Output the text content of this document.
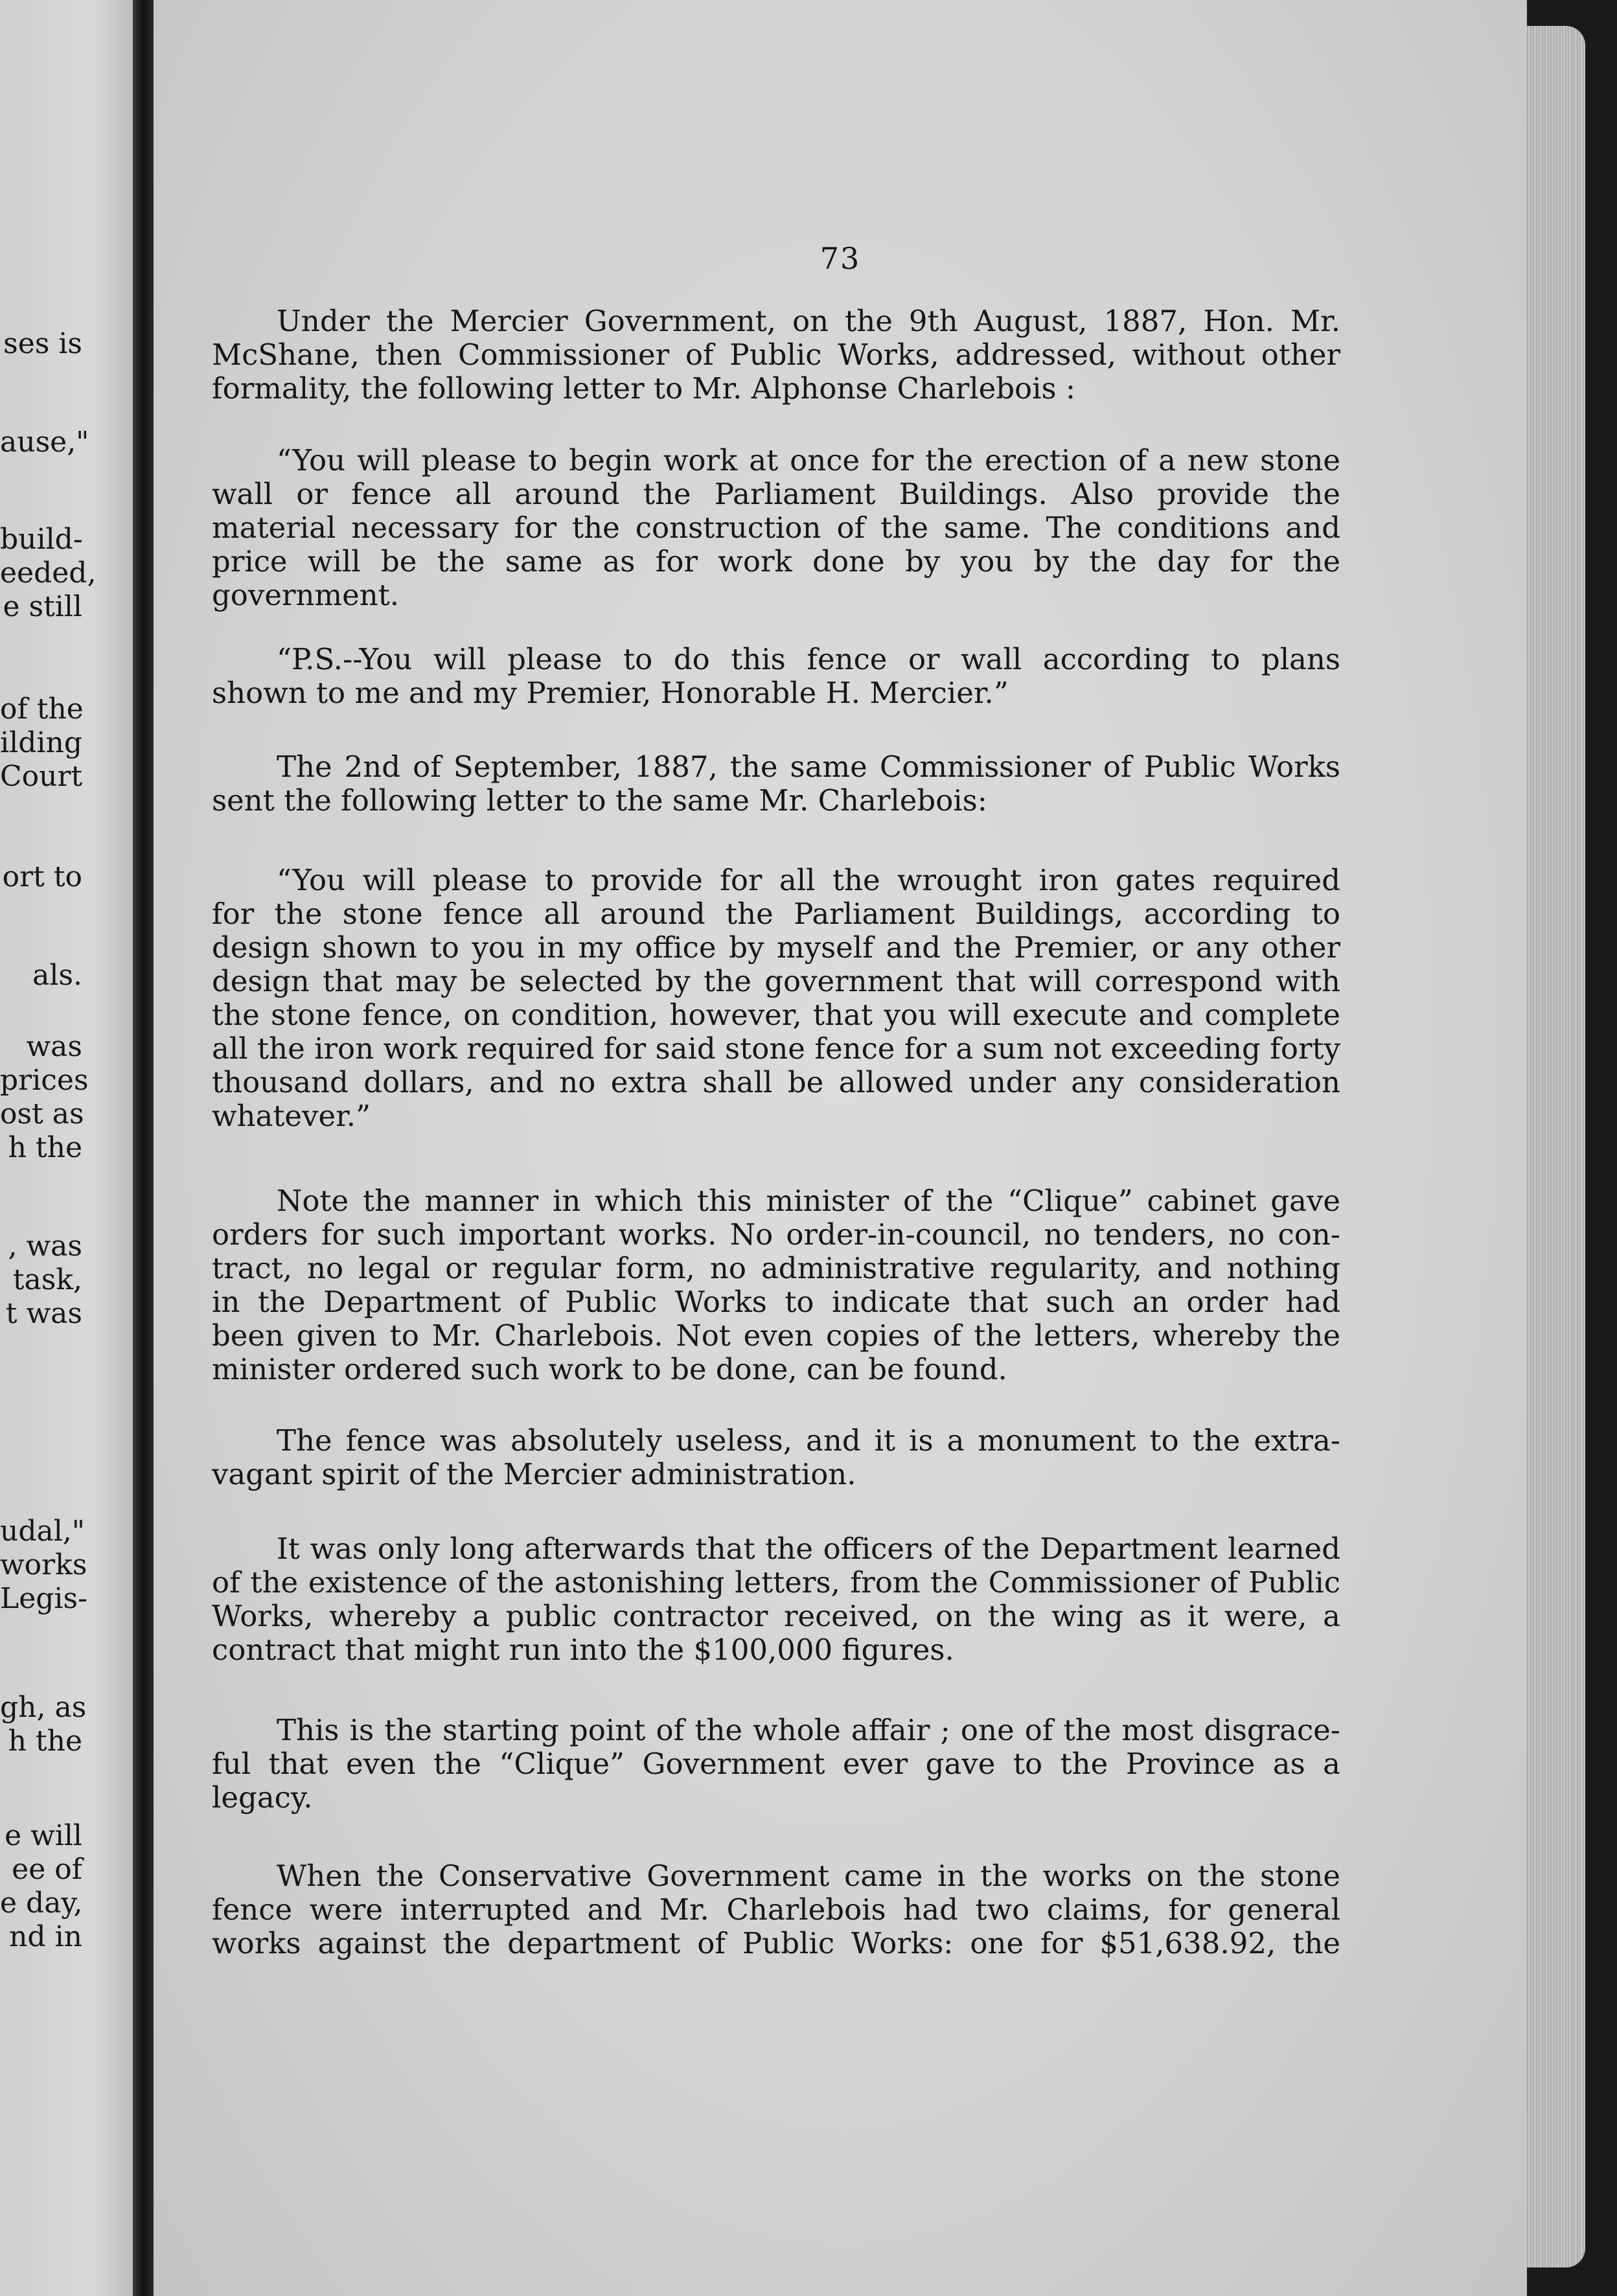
ses is
ause,"
build-
eeded,
e still
of the
ilding
Court
ort to
als.
was
prices
ost as
h the
, was
task,
t was
udal,"
works
Legis-
gh, as
h the
e will
ee of
e day,
nd in
73
Under the Mercier Government, on the 9th August, 1887, Hon. Mr.
McShane, then Commissioner of Public Works, addressed, without other
formality, the following letter to Mr. Alphonse Charlebois :
“You will please to begin work at once for the erection of a new stone
wall or fence all around the Parliament Buildings. Also provide the
material necessary for the construction of the same. The conditions and
price will be the same as for work done by you by the day for the
government.
“P.S.--You will please to do this fence or wall according to plans
shown to me and my Premier, Honorable H. Mercier.”
The 2nd of September, 1887, the same Commissioner of Public Works
sent the following letter to the same Mr. Charlebois:
“You will please to provide for all the wrought iron gates required
for the stone fence all around the Parliament Buildings, according to
design shown to you in my office by myself and the Premier, or any other
design that may be selected by the government that will correspond with
the stone fence, on condition, however, that you will execute and complete
all the iron work required for said stone fence for a sum not exceeding forty
thousand dollars, and no extra shall be allowed under any consideration
whatever.”
Note the manner in which this minister of the “Clique” cabinet gave
orders for such important works. No order-in-council, no tenders, no con-
tract, no legal or regular form, no administrative regularity, and nothing
in the Department of Public Works to indicate that such an order had
been given to Mr. Charlebois. Not even copies of the letters, whereby the
minister ordered such work to be done, can be found.
The fence was absolutely useless, and it is a monument to the extra-
vagant spirit of the Mercier administration.
It was only long afterwards that the officers of the Department learned
of the existence of the astonishing letters, from the Commissioner of Public
Works, whereby a public contractor received, on the wing as it were, a
contract that might run into the $100,000 figures.
This is the starting point of the whole affair ; one of the most disgrace-
ful that even the “Clique” Government ever gave to the Province as a
legacy.
When the Conservative Government came in the works on the stone
fence were interrupted and Mr. Charlebois had two claims, for general
works against the department of Public Works: one for $51,638.92, the
